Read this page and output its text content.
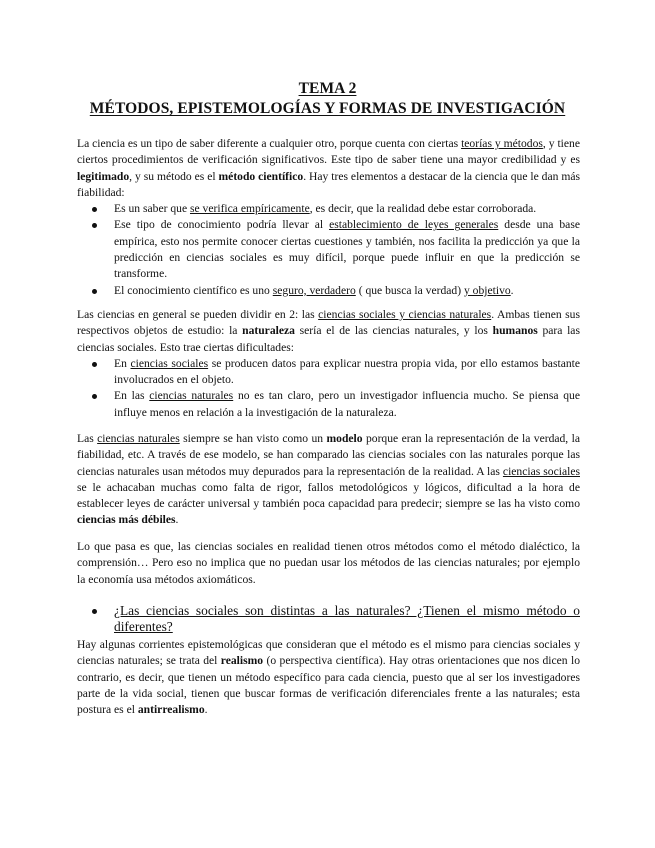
TEMA 2
MÉTODOS, EPISTEMOLOGÍAS Y FORMAS DE INVESTIGACIÓN

La ciencia es un tipo de saber diferente a cualquier otro, porque cuenta con ciertas teorías y métodos, y tiene ciertos procedimientos de verificación significativos. Este tipo de saber tiene una mayor credibilidad y es legitimado, y su método es el método científico. Hay tres elementos a destacar de la ciencia que le dan más fiabilidad:

Es un saber que se verifica empíricamente, es decir, que la realidad debe estar corroborada.
Ese tipo de conocimiento podría llevar al establecimiento de leyes generales desde una base empírica, esto nos permite conocer ciertas cuestiones y también, nos facilita la predicción ya que la predicción en ciencias sociales es muy difícil, porque puede influir en que la predicción se transforme.
El conocimiento científico es uno seguro, verdadero ( que busca la verdad) y objetivo.

Las ciencias en general se pueden dividir en 2: las ciencias sociales y ciencias naturales. Ambas tienen sus respectivos objetos de estudio: la naturaleza sería el de las ciencias naturales, y los humanos para las ciencias sociales. Esto trae ciertas dificultades:

En ciencias sociales se producen datos para explicar nuestra propia vida, por ello estamos bastante involucrados en el objeto.
En las ciencias naturales no es tan claro, pero un investigador influencia mucho. Se piensa que influye menos en relación a la investigación de la naturaleza.

Las ciencias naturales siempre se han visto como un modelo porque eran la representación de la verdad, la fiabilidad, etc. A través de ese modelo, se han comparado las ciencias sociales con las naturales porque las ciencias naturales usan métodos muy depurados para la representación de la realidad. A las ciencias sociales se le achacaban muchas como falta de rigor, fallos metodológicos y lógicos, dificultad a la hora de establecer leyes de carácter universal y también poca capacidad para predecir; siempre se las ha visto como ciencias más débiles.

Lo que pasa es que, las ciencias sociales en realidad tienen otros métodos como el método dialéctico, la comprensión… Pero eso no implica que no puedan usar los métodos de las ciencias naturales; por ejemplo la economía usa métodos axiomáticos.

¿Las ciencias sociales son distintas a las naturales? ¿Tienen el mismo método o diferentes?

Hay algunas corrientes epistemológicas que consideran que el método es el mismo para ciencias sociales y ciencias naturales; se trata del realismo (o perspectiva científica). Hay otras orientaciones que nos dicen lo contrario, es decir, que tienen un método específico para cada ciencia, puesto que al ser los investigadores parte de la vida social, tienen que buscar formas de verificación diferenciales frente a las naturales; esta postura es el antirrealismo.
